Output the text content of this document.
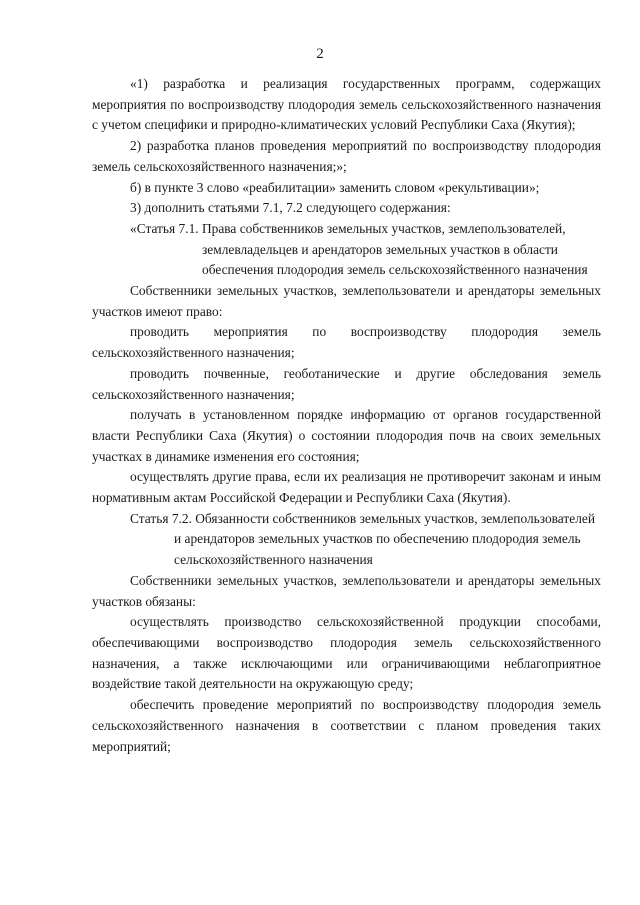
2

«1) разработка и реализация государственных программ, содержащих мероприятия по воспроизводству плодородия земель сельскохозяйственного назначения с учетом специфики и природно-климатических условий Республики Саха (Якутия);

2) разработка планов проведения мероприятий по воспроизводству плодородия земель сельскохозяйственного назначения;»;

б) в пункте 3 слово «реабилитации» заменить словом «рекультивации»;

3) дополнить статьями 7.1, 7.2 следующего содержания:

«Статья 7.1. Права собственников земельных участков, землепользователей,
землевладельцев и арендаторов земельных участков в области
обеспечения плодородия земель сельскохозяйственного назначения

Собственники земельных участков, землепользователи и арендаторы земельных участков имеют право:

проводить мероприятия по воспроизводству плодородия земель сельскохозяйственного назначения;

проводить почвенные, геоботанические и другие обследования земель сельскохозяйственного назначения;

получать в установленном порядке информацию от органов государственной власти Республики Саха (Якутия) о состоянии плодородия почв на своих земельных участках в динамике изменения его состояния;

осуществлять другие права, если их реализация не противоречит законам и иным нормативным актам Российской Федерации и Республики Саха (Якутия).

Статья 7.2. Обязанности собственников земельных участков, землепользователей
и арендаторов земельных участков по обеспечению плодородия земель
сельскохозяйственного назначения

Собственники земельных участков, землепользователи и арендаторы земельных участков обязаны:

осуществлять производство сельскохозяйственной продукции способами, обеспечивающими воспроизводство плодородия земель сельскохозяйственного назначения, а также исключающими или ограничивающими неблагоприятное воздействие такой деятельности на окружающую среду;

обеспечить проведение мероприятий по воспроизводству плодородия земель сельскохозяйственного назначения в соответствии с планом проведения таких мероприятий;
